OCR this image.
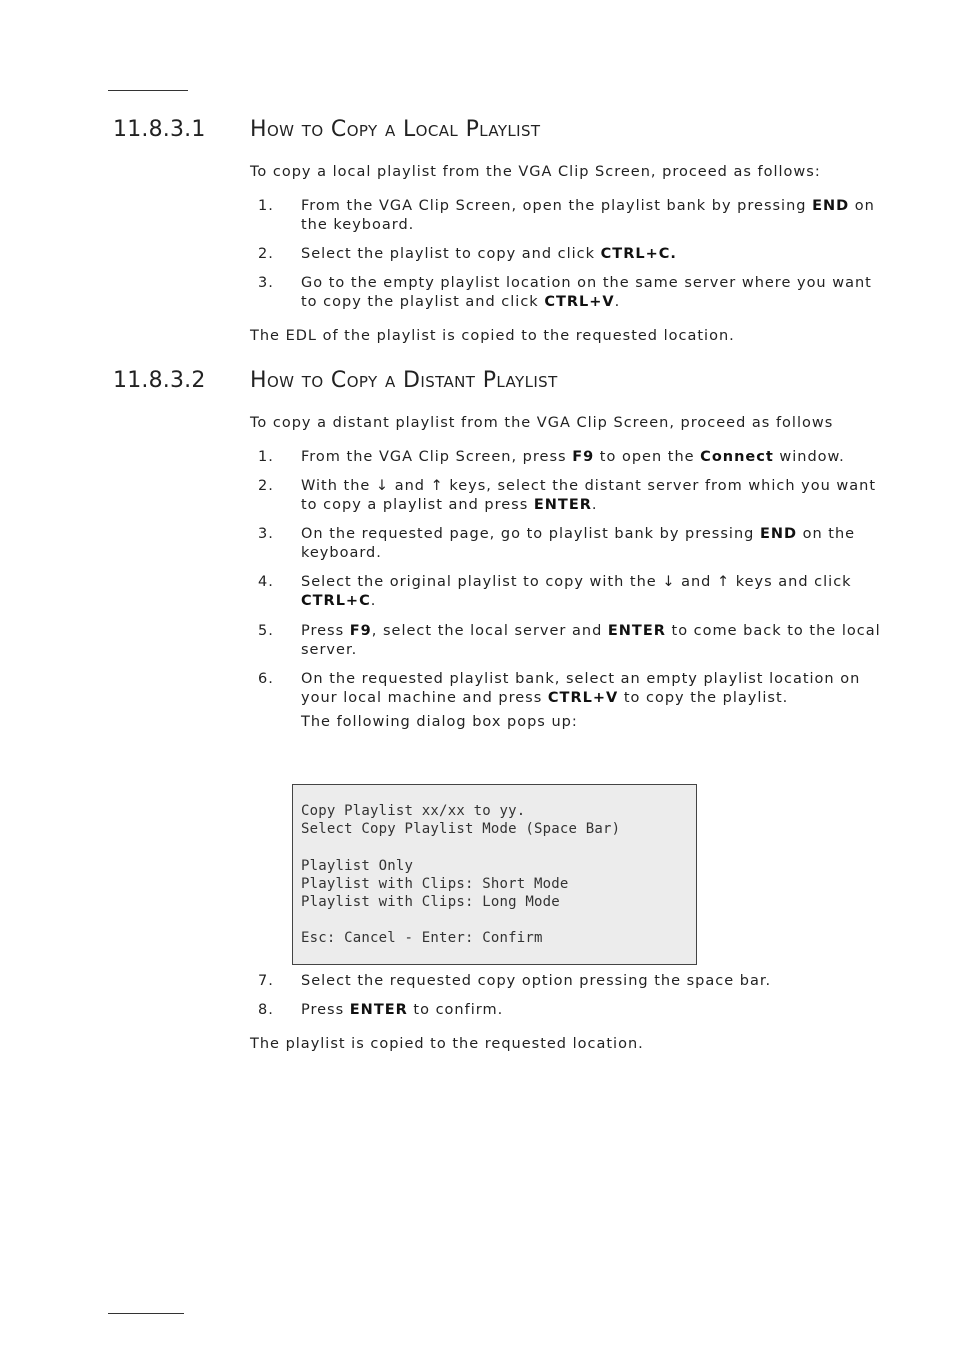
11.8.3.1 How to Copy a Local Playlist
To copy a local playlist from the VGA Clip Screen, proceed as follows:
1. From the VGA Clip Screen, open the playlist bank by pressing END on
the keyboard.
2. Select the playlist to copy and click CTRL+C.
3. Go to the empty playlist location on the same server where you want
to copy the playlist and click CTRL+V.
The EDL of the playlist is copied to the requested location.
11.8.3.2 How to Copy a Distant Playlist
To copy a distant playlist from the VGA Clip Screen, proceed as follows
1. From the VGA Clip Screen, press F9 to open the Connect window.
2. With the ↓ and ↑ keys, select the distant server from which you want
to copy a playlist and press ENTER.
3. On the requested page, go to playlist bank by pressing END on the
keyboard.
4. Select the original playlist to copy with the ↓ and ↑ keys and click
CTRL+C.
5. Press F9, select the local server and ENTER to come back to the local
server.
6. On the requested playlist bank, select an empty playlist location on
your local machine and press CTRL+V to copy the playlist.
The following dialog box pops up:
Copy Playlist xx/xx to yy.
Select Copy Playlist Mode (Space Bar)
Playlist Only
Playlist with Clips: Short Mode
Playlist with Clips: Long Mode
Esc: Cancel - Enter: Confirm
7. Select the requested copy option pressing the space bar.
8. Press ENTER to confirm.
The playlist is copied to the requested location.
